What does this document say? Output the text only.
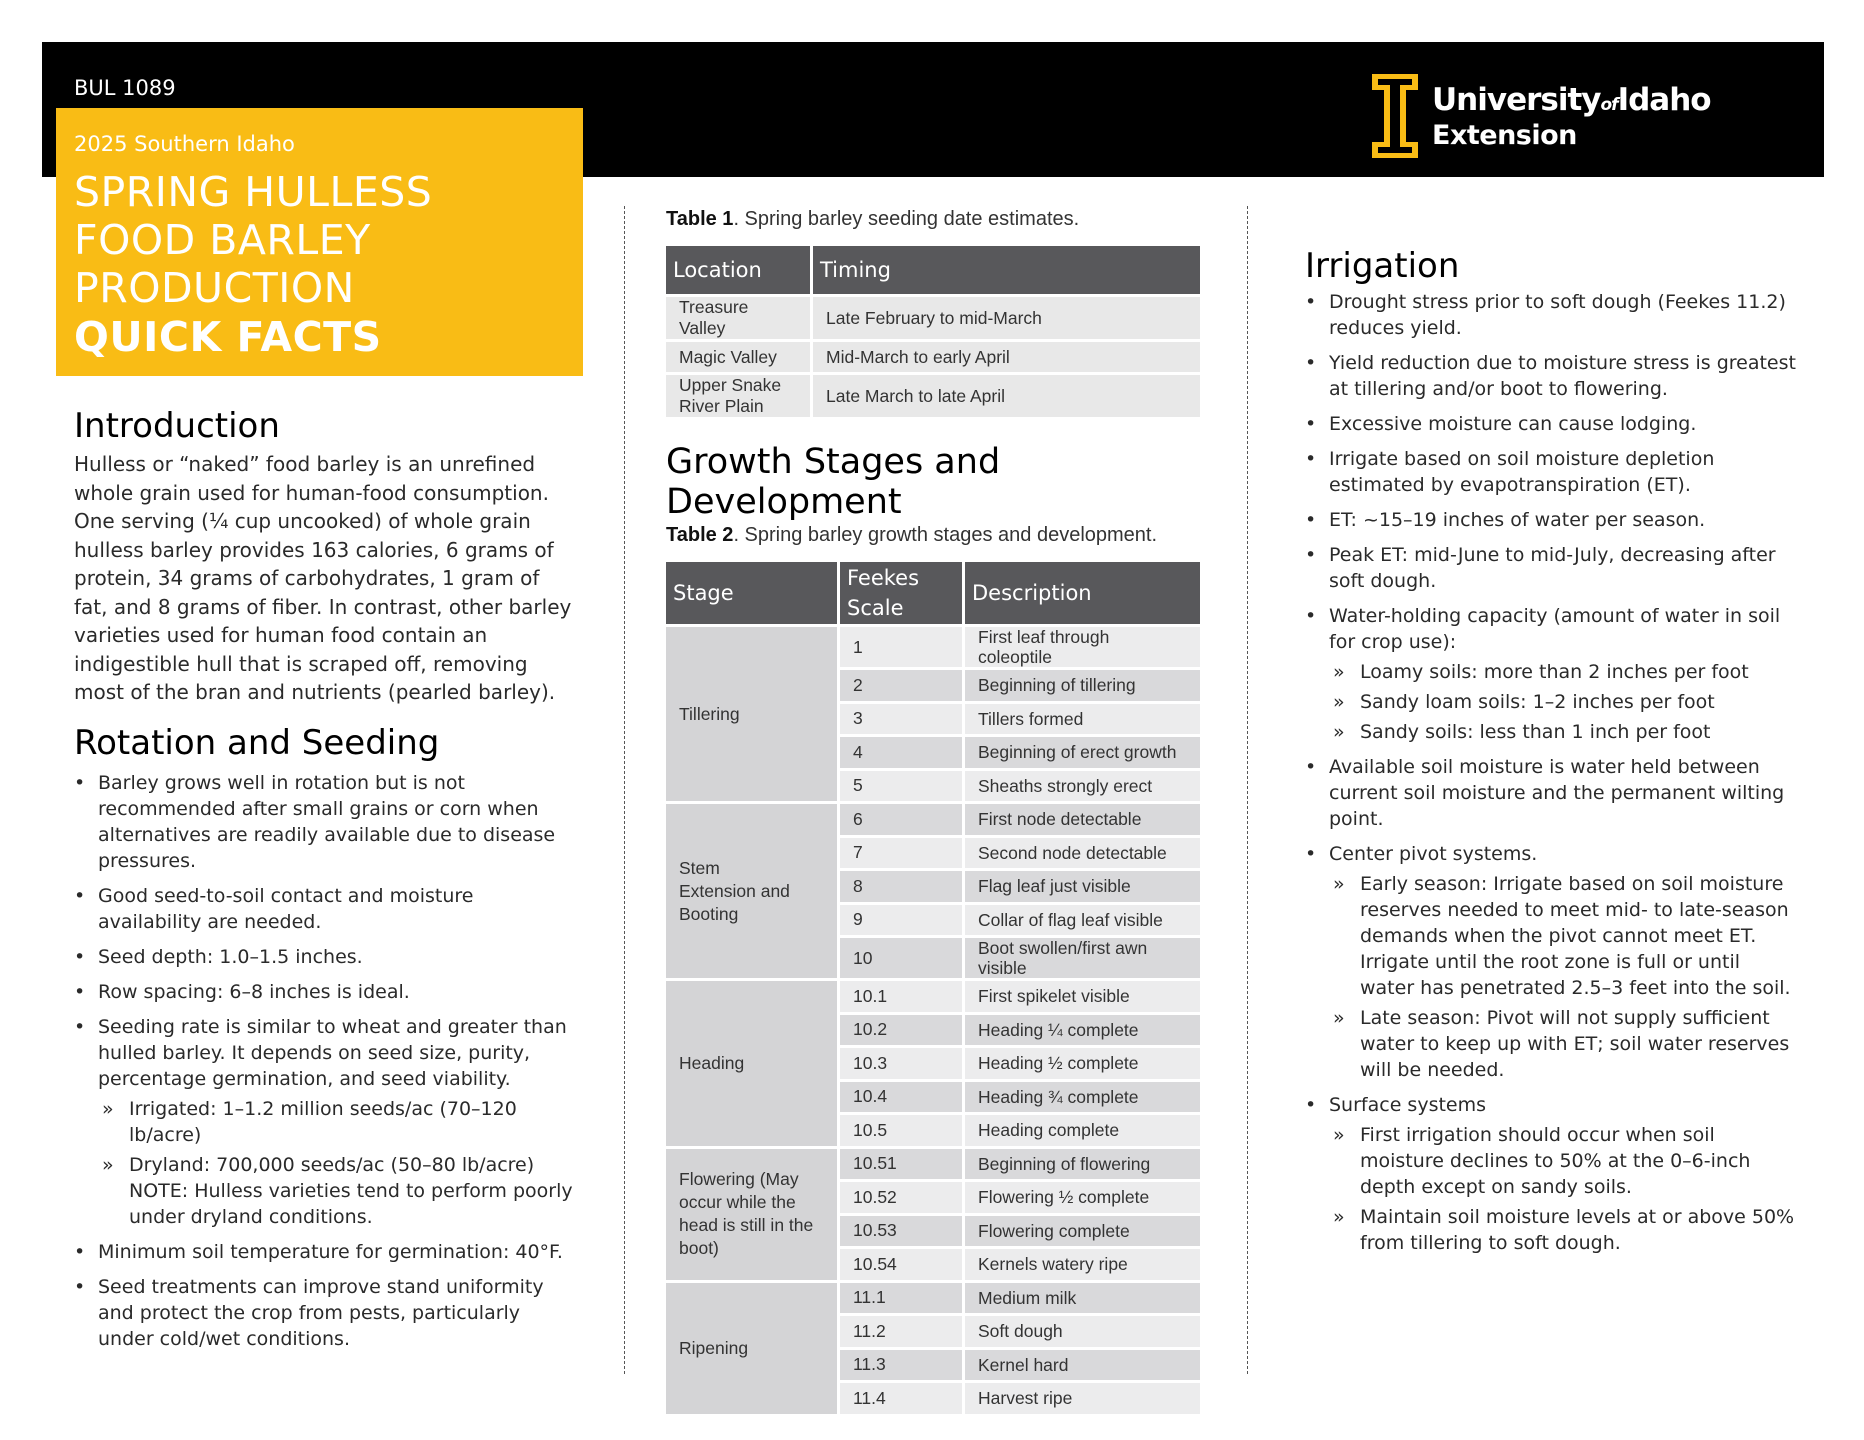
BUL 1089
2025 Southern Idaho
SPRING HULLESS FOOD BARLEY PRODUCTION
QUICK FACTS
UniversityofIdaho
Extension
Introduction

Hulless or “naked” food barley is an unrefined whole grain used for human-food consumption. One serving (¼ cup uncooked) of whole grain hulless barley provides 163 calories, 6 grams of protein, 34 grams of carbohydrates, 1 gram of fat, and 8 grams of fiber. In contrast, other barley varieties used for human food contain an indigestible hull that is scraped off, removing most of the bran and nutrients (pearled barley).

Rotation and Seeding
• Barley grows well in rotation but is not recommended after small grains or corn when alternatives are readily available due to disease pressures.
• Good seed-to-soil contact and moisture availability are needed.
• Seed depth: 1.0–1.5 inches.
• Row spacing: 6–8 inches is ideal.
• Seeding rate is similar to wheat and greater than hulled barley. It depends on seed size, purity, percentage germination, and seed viability.
» Irrigated: 1–1.2 million seeds/ac (70–120 lb/acre)
» Dryland: 700,000 seeds/ac (50–80 lb/acre) NOTE: Hulless varieties tend to perform poorly under dryland conditions.
• Minimum soil temperature for germination: 40°F.
• Seed treatments can improve stand uniformity and protect the crop from pests, particularly under cold/wet conditions.
Table 1. Spring barley seeding date estimates.
Location	Timing
Treasure Valley	Late February to mid-March
Magic Valley	Mid-March to early April
Upper Snake River Plain	Late March to late April
Growth Stages and Development
Table 2. Spring barley growth stages and development.
Stage	Feekes Scale	Description
Tillering	1	First leaf through coleoptile
	2	Beginning of tillering
	3	Tillers formed
	4	Beginning of erect growth
	5	Sheaths strongly erect
Stem Extension and Booting	6	First node detectable
	7	Second node detectable
	8	Flag leaf just visible
	9	Collar of flag leaf visible
	10	Boot swollen/first awn visible
Heading	10.1	First spikelet visible
	10.2	Heading ¼ complete
	10.3	Heading ½ complete
	10.4	Heading ¾ complete
	10.5	Heading complete
Flowering (May occur while the head is still in the boot)	10.51	Beginning of flowering
	10.52	Flowering ½ complete
	10.53	Flowering complete
	10.54	Kernels watery ripe
Ripening	11.1	Medium milk
	11.2	Soft dough
	11.3	Kernel hard
	11.4	Harvest ripe
Irrigation
• Drought stress prior to soft dough (Feekes 11.2) reduces yield.
• Yield reduction due to moisture stress is greatest at tillering and/or boot to flowering.
• Excessive moisture can cause lodging.
• Irrigate based on soil moisture depletion estimated by evapotranspiration (ET).
• ET: ~15–19 inches of water per season.
• Peak ET: mid-June to mid-July, decreasing after soft dough.
• Water-holding capacity (amount of water in soil for crop use):
» Loamy soils: more than 2 inches per foot
» Sandy loam soils: 1–2 inches per foot
» Sandy soils: less than 1 inch per foot
• Available soil moisture is water held between current soil moisture and the permanent wilting point.
• Center pivot systems.
» Early season: Irrigate based on soil moisture reserves needed to meet mid- to late-season demands when the pivot cannot meet ET. Irrigate until the root zone is full or until water has penetrated 2.5–3 feet into the soil.
» Late season: Pivot will not supply sufficient water to keep up with ET; soil water reserves will be needed.
• Surface systems
» First irrigation should occur when soil moisture declines to 50% at the 0–6-inch depth except on sandy soils.
» Maintain soil moisture levels at or above 50% from tillering to soft dough.
